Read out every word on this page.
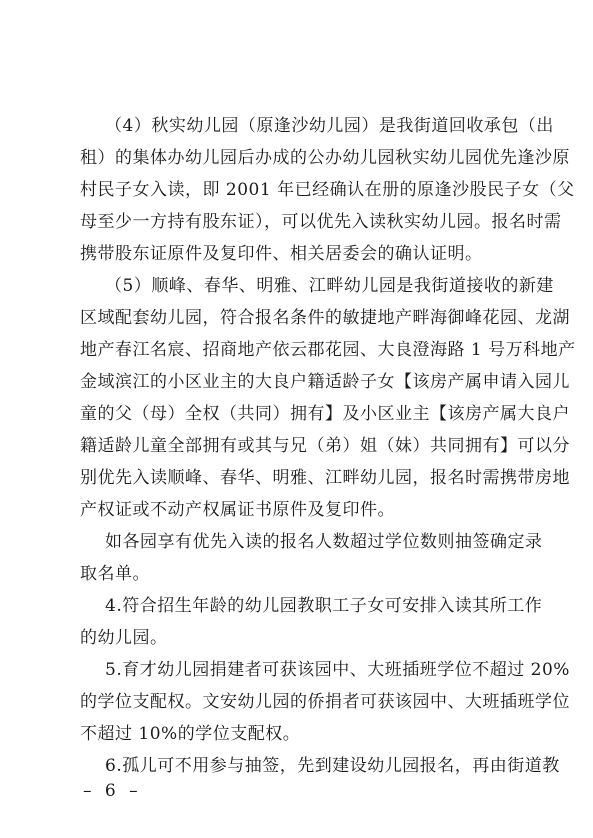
（4）秋实幼儿园（原逢沙幼儿园）是我街道回收承包（出
租）的集体办幼儿园后办成的公办幼儿园秋实幼儿园优先逢沙原
村民子女入读，即 2001 年已经确认在册的原逢沙股民子女（父
母至少一方持有股东证），可以优先入读秋实幼儿园。报名时需
携带股东证原件及复印件、相关居委会的确认证明。
（5）顺峰、春华、明雅、江畔幼儿园是我街道接收的新建
区域配套幼儿园，符合报名条件的敏捷地产畔海御峰花园、龙湖
地产春江名宸、招商地产依云郡花园、大良澄海路 1 号万科地产
金域滨江的小区业主的大良户籍适龄子女【该房产属申请入园儿
童的父（母）全权（共同）拥有】及小区业主【该房产属大良户
籍适龄儿童全部拥有或其与兄（弟）姐（妹）共同拥有】可以分
别优先入读顺峰、春华、明雅、江畔幼儿园，报名时需携带房地
产权证或不动产权属证书原件及复印件。
如各园享有优先入读的报名人数超过学位数则抽签确定录
取名单。
4.符合招生年龄的幼儿园教职工子女可安排入读其所工作
的幼儿园。
5.育才幼儿园捐建者可获该园中、大班插班学位不超过 20%
的学位支配权。文安幼儿园的侨捐者可获该园中、大班插班学位
不超过 10%的学位支配权。
6.孤儿可不用参与抽签，先到建设幼儿园报名，再由街道教
– 6 –
